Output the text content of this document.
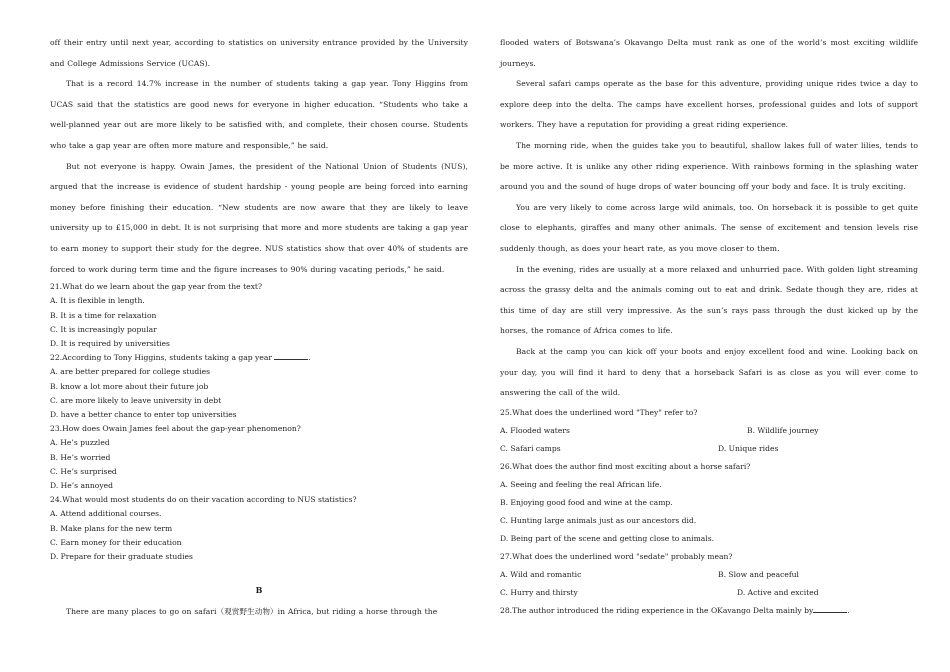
off their entry until next year, according to statistics on university entrance provided by the University and College Admissions Service (UCAS).

That is a record 14.7% increase in the number of students taking a gap year. Tony Higgins from UCAS said that the statistics are good news for everyone in higher education. “Students who take a well-planned year out are more likely to be satisfied with, and complete, their chosen course. Students who take a gap year are often more mature and responsible,” he said.

But not everyone is happy. Owain James, the president of the National Union of Students (NUS), argued that the increase is evidence of student hardship - young people are being forced into earning money before finishing their education. “New students are now aware that they are likely to leave university up to £15,000 in debt. It is not surprising that more and more students are taking a gap year to earn money to support their study for the degree. NUS statistics show that over 40% of students are forced to work during term time and the figure increases to 90% during vacating periods,” he said.

21.What do we learn about the gap year from the text?

A. It is flexible in length.

B. It is a time for relaxation

C. It is increasingly popular

D. It is required by universities

22.According to Tony Higgins, students taking a gap year	.

A. are better prepared for college studies

B. know a lot more about their future job

C. are more likely to leave university in debt

D. have a better chance to enter top universities

23.How does Owain James feel about the gap-year phenomenon?

A. He’s puzzled

B. He’s worried

C. He’s surprised

D. He’s annoyed

24.What would most students do on their vacation according to NUS statistics?

A. Attend additional courses.

B. Make plans for the new term

C. Earn money for their education

D. Prepare for their graduate studies

B

There are many places to go on safari（观赏野生动物）in Africa, but riding a horse through the

flooded waters of Botswana’s Okavango Delta must rank as one of the world’s most exciting wildlife journeys.

Several safari camps operate as the base for this adventure, providing unique rides twice a day to explore deep into the delta. The camps have excellent horses, professional guides and lots of support workers. They have a reputation for providing a great riding experience.

The morning ride, when the guides take you to beautiful, shallow lakes full of water lilies, tends to be more active. It is unlike any other riding experience. With rainbows forming in the splashing water around you and the sound of huge drops of water bouncing off your body and face. It is truly exciting.

You are very likely to come across large wild animals, too. On horseback it is possible to get quite close to elephants, giraffes and many other animals. The sense of excitement and tension levels rise suddenly though, as does your heart rate, as you move closer to them.

In the evening, rides are usually at a more relaxed and unhurried pace. With golden light streaming across the grassy delta and the animals coming out to eat and drink. Sedate though they are, rides at this time of day are still very impressive. As the sun’s rays pass through the dust kicked up by the horses, the romance of Africa comes to life.

Back at the camp you can kick off your boots and enjoy excellent food and wine. Looking back on your day, you will find it hard to deny that a horseback Safari is as close as you will ever come to answering the call of the wild.

25.What does the underlined word "They" refer to?

A. Flooded waters	B. Wildlife journey
C. Safari camps	D. Unique rides

26.What does the author find most exciting about a horse safari?

A. Seeing and feeling the real African life.

B. Enjoying good food and wine at the camp.

C. Hunting large animals just as our ancestors did.

D. Being part of the scene and getting close to animals.

27.What does the underlined word "sedate" probably mean?

A. Wild and romantic	B. Slow and peaceful
C. Hurry and thirsty	D. Active and excited

28.The author introduced the riding experience in the OKavango Delta mainly by	.
